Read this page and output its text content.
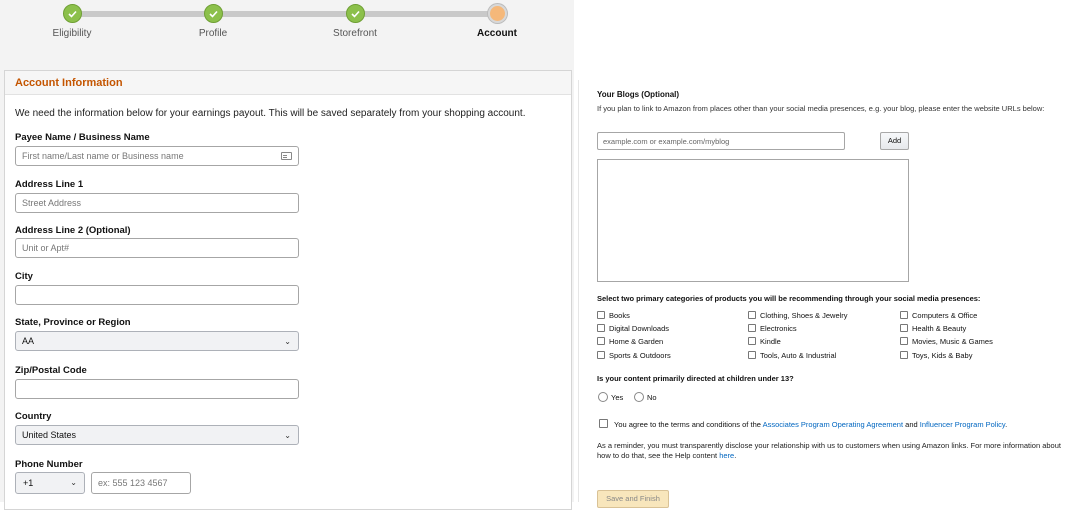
Eligibility	Profile	Storefront	Account
Account Information
We need the information below for your earnings payout. This will be saved separately from your shopping account.
Payee Name / Business Name
First name/Last name or Business name
Address Line 1
Street Address
Address Line 2 (Optional)
Unit or Apt#
City
State, Province or Region
AA	⌄
Zip/Postal Code
Country
United States	⌄
Phone Number
+1	⌄	ex: 555 123 4567
Your Blogs (Optional)
If you plan to link to Amazon from places other than your social media presences, e.g. your blog, please enter the website URLs below:
example.com or example.com/myblog	Add
Select two primary categories of products you will be recommending through your social media presences:
Books	Clothing, Shoes & Jewelry	Computers & Office
Digital Downloads	Electronics	Health & Beauty
Home & Garden	Kindle	Movies, Music & Games
Sports & Outdoors	Tools, Auto & Industrial	Toys, Kids & Baby
Is your content primarily directed at children under 13?
Yes	No
You agree to the terms and conditions of the Associates Program Operating Agreement and Influencer Program Policy.
As a reminder, you must transparently disclose your relationship with us to customers when using Amazon links. For more information about how to do that, see the Help content here.
Save and Finish
